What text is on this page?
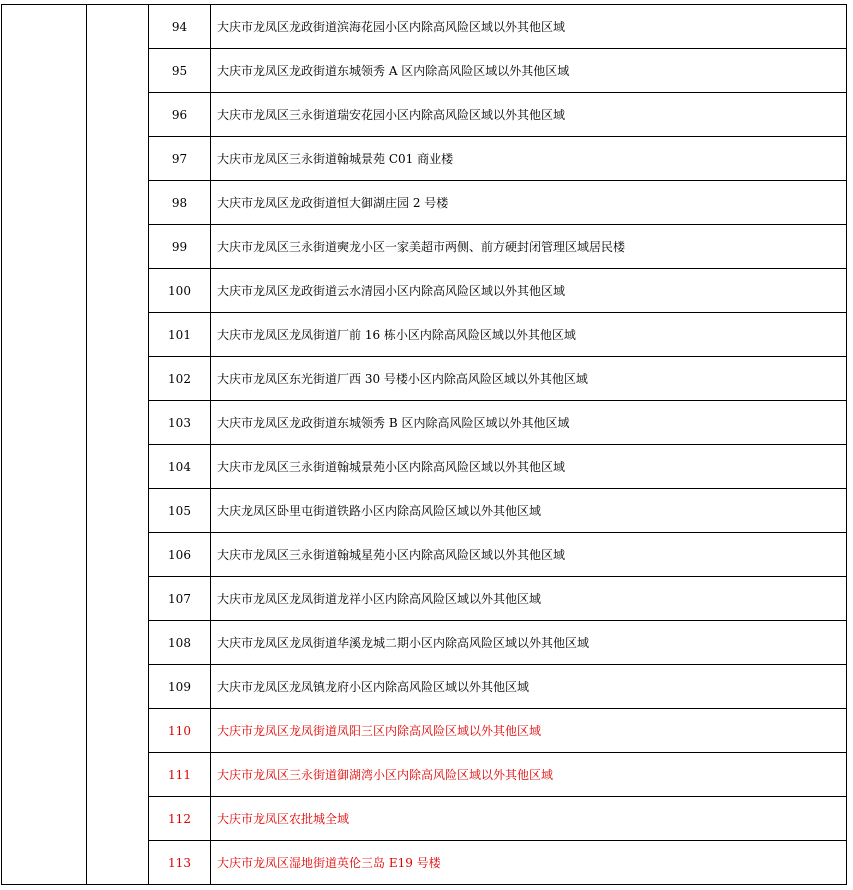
		94	大庆市龙凤区龙政街道滨海花园小区内除高风险区域以外其他区域
		95	大庆市龙凤区龙政街道东城领秀 A 区内除高风险区域以外其他区域
		96	大庆市龙凤区三永街道瑞安花园小区内除高风险区域以外其他区域
		97	大庆市龙凤区三永街道翰城景苑 C01 商业楼
		98	大庆市龙凤区龙政街道恒大御湖庄园 2 号楼
		99	大庆市龙凤区三永街道奭龙小区一家美超市两侧、前方硬封闭管理区域居民楼
		100	大庆市龙凤区龙政街道云水清园小区内除高风险区域以外其他区域
		101	大庆市龙凤区龙凤街道厂前 16 栋小区内除高风险区域以外其他区域
		102	大庆市龙凤区东光街道厂西 30 号楼小区内除高风险区域以外其他区域
		103	大庆市龙凤区龙政街道东城领秀 B 区内除高风险区域以外其他区域
		104	大庆市龙凤区三永街道翰城景苑小区内除高风险区域以外其他区域
		105	大庆龙凤区卧里屯街道铁路小区内除高风险区域以外其他区域
		106	大庆市龙凤区三永街道翰城星苑小区内除高风险区域以外其他区域
		107	大庆市龙凤区龙凤街道龙祥小区内除高风险区域以外其他区域
		108	大庆市龙凤区龙凤街道华溪龙城二期小区内除高风险区域以外其他区域
		109	大庆市龙凤区龙凤镇龙府小区内除高风险区域以外其他区域
		110	大庆市龙凤区龙凤街道凤阳三区内除高风险区域以外其他区域
		111	大庆市龙凤区三永街道御湖湾小区内除高风险区域以外其他区域
		112	大庆市龙凤区农批城全域
		113	大庆市龙凤区湿地街道英伦三岛 E19 号楼
